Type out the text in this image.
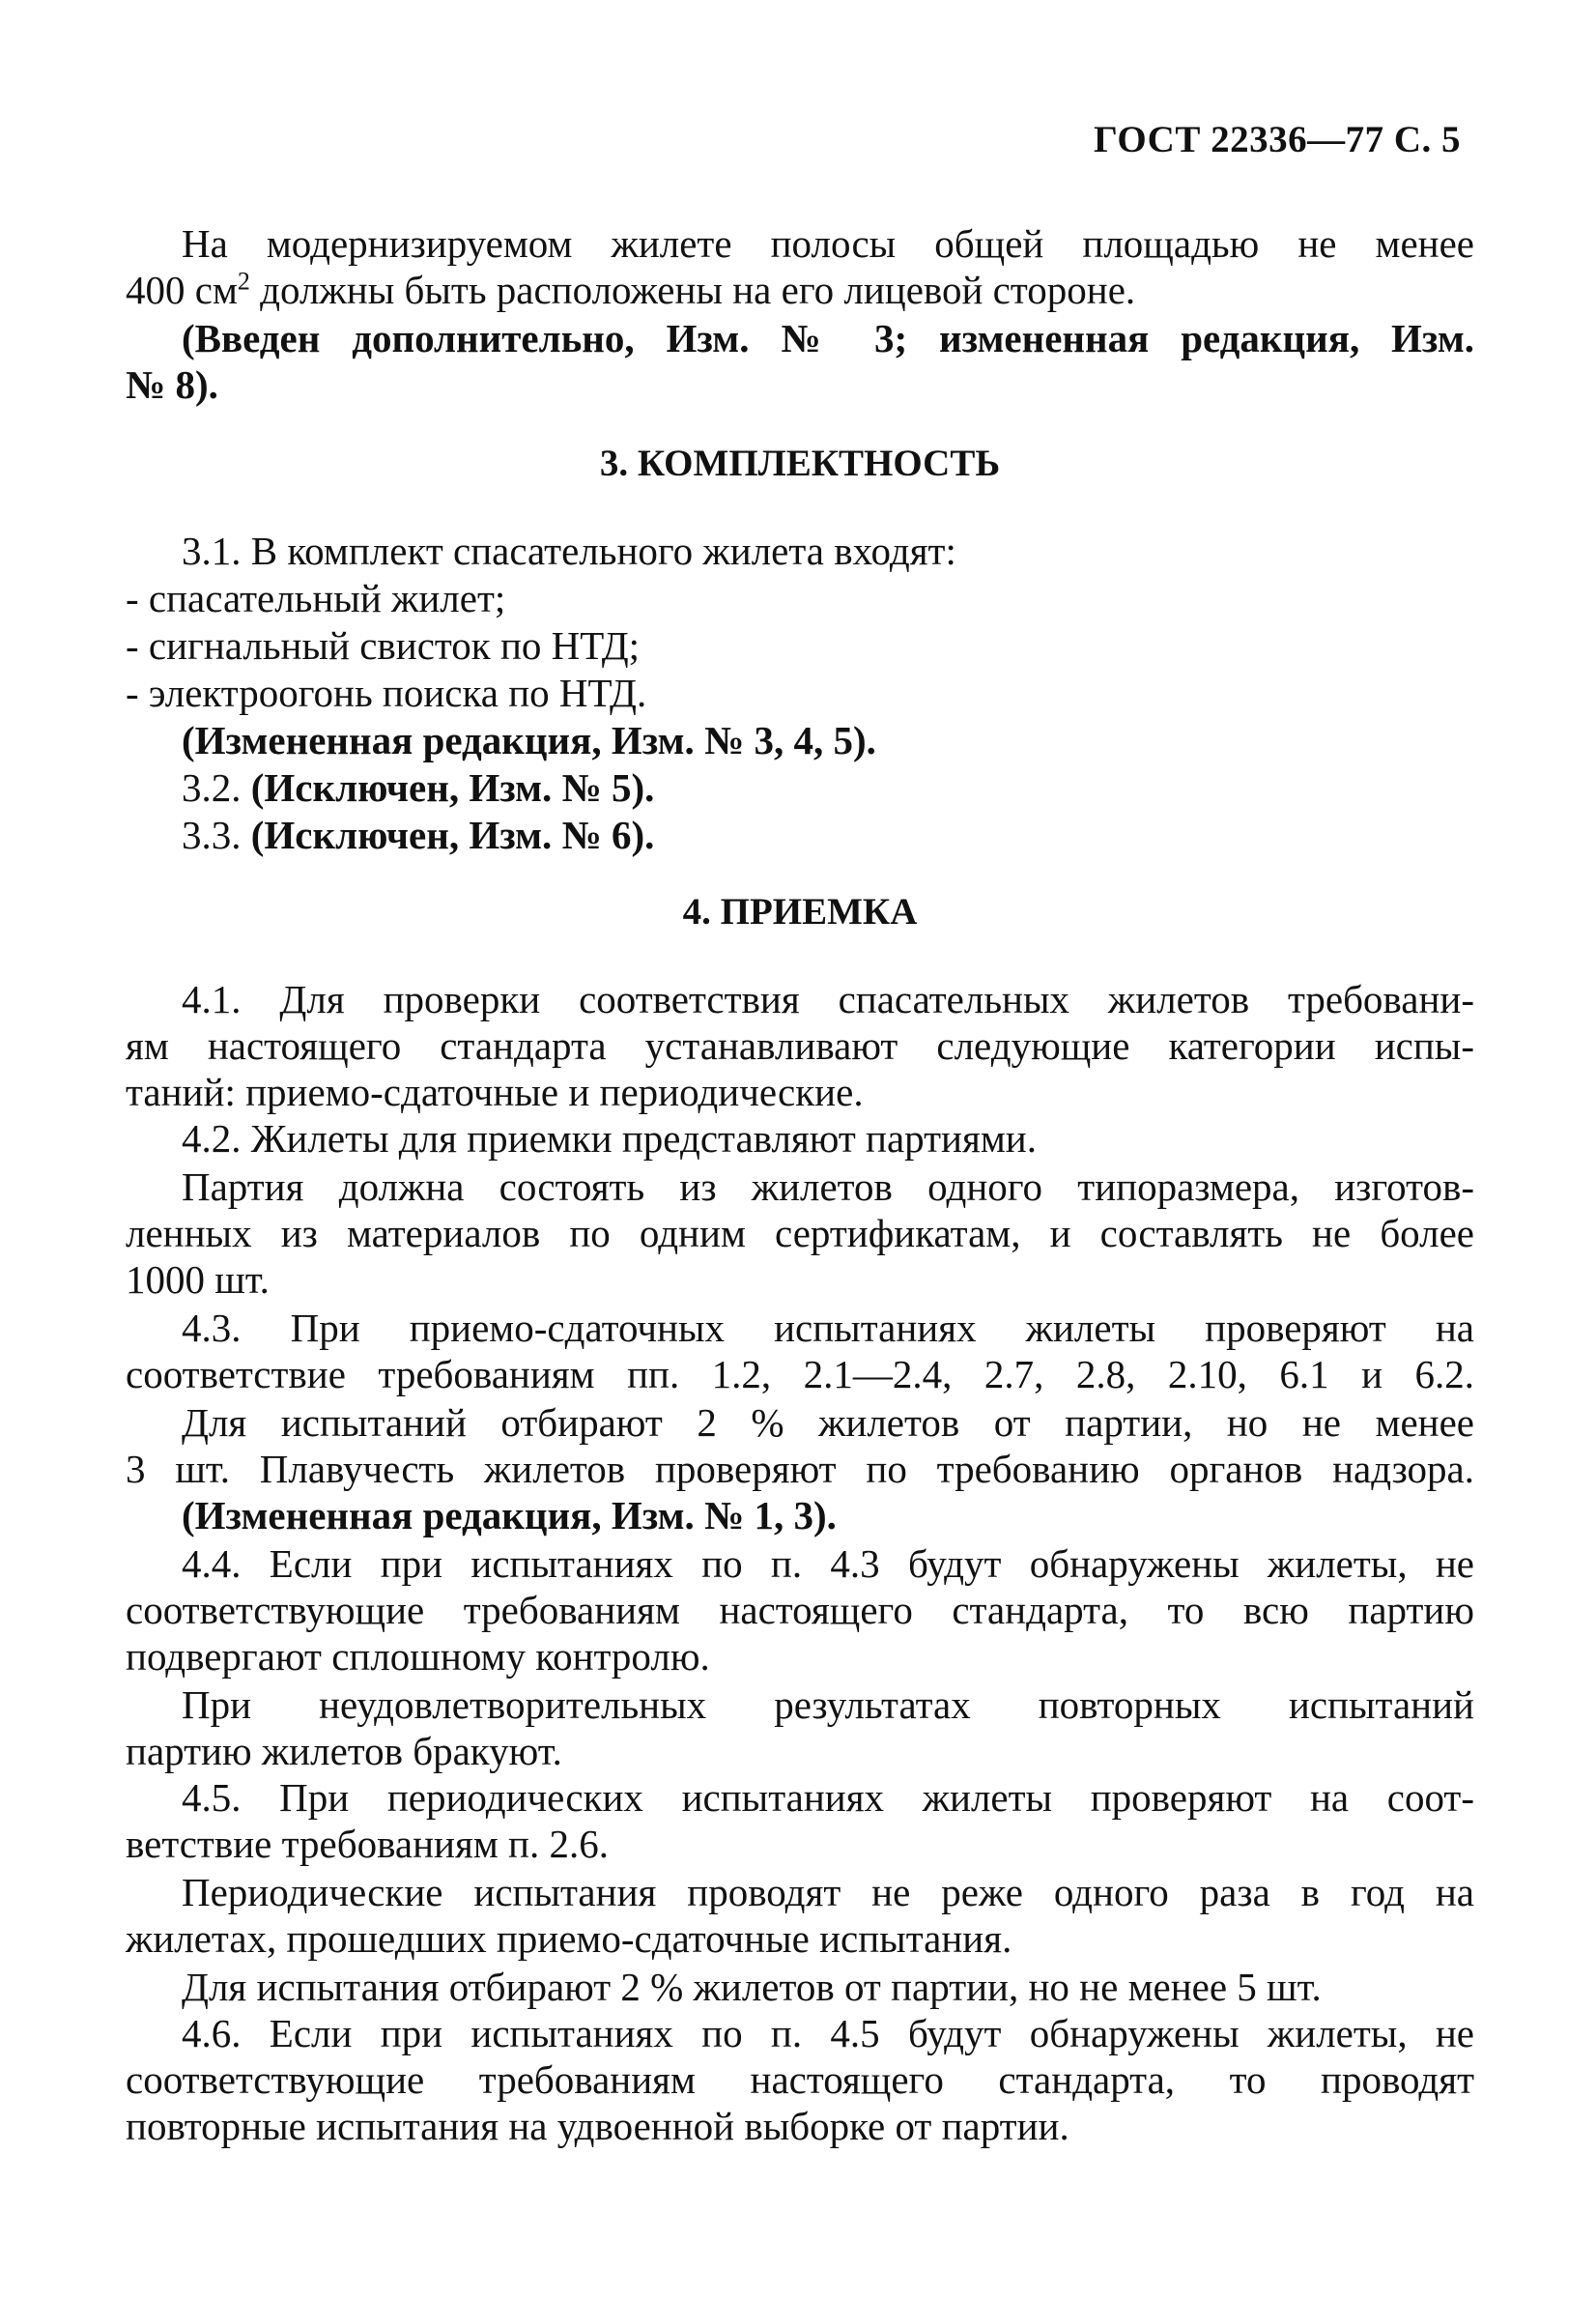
ГОСТ 22336—77 С. 5
На модернизируемом жилете полосы общей площадью не менее
400 $см^2$ должны быть расположены на его лицевой стороне.
(Введен дополнительно, Изм. № 3; измененная редакция, Изм.
№ 8).
3. КОМПЛЕКТНОСТЬ
3.1. В комплект спасательного жилета входят:
- спасательный жилет;
- сигнальный свисток по НТД;
- электроогонь поиска по НТД.
(Измененная редакция, Изм. № 3, 4, 5).
3.2. (Исключен, Изм. № 5).
3.3. (Исключен, Изм. № 6).
4. ПРИЕМКА
4.1. Для проверки соответствия спасательных жилетов требовани-
ям настоящего стандарта устанавливают следующие категории испы-
таний: приемо-сдаточные и периодические.
4.2. Жилеты для приемки представляют партиями.
Партия должна состоять из жилетов одного типоразмера, изготов-
ленных из материалов по одним сертификатам, и составлять не более
1000 шт.
4.3. При приемо-сдаточных испытаниях жилеты проверяют на
соответствие требованиям пп. 1.2, 2.1—2.4, 2.7, 2.8, 2.10, 6.1 и 6.2.
Для испытаний отбирают 2 % жилетов от партии, но не менее
3 шт. Плавучесть жилетов проверяют по требованию органов надзора.
(Измененная редакция, Изм. № 1, 3).
4.4. Если при испытаниях по п. 4.3 будут обнаружены жилеты, не
соответствующие требованиям настоящего стандарта, то всю партию
подвергают сплошному контролю.
При неудовлетворительных результатах повторных испытаний
партию жилетов бракуют.
4.5. При периодических испытаниях жилеты проверяют на соот-
ветствие требованиям п. 2.6.
Периодические испытания проводят не реже одного раза в год на
жилетах, прошедших приемо-сдаточные испытания.
Для испытания отбирают 2 % жилетов от партии, но не менее 5 шт.
4.6. Если при испытаниях по п. 4.5 будут обнаружены жилеты, не
соответствующие требованиям настоящего стандарта, то проводят
повторные испытания на удвоенной выборке от партии.
